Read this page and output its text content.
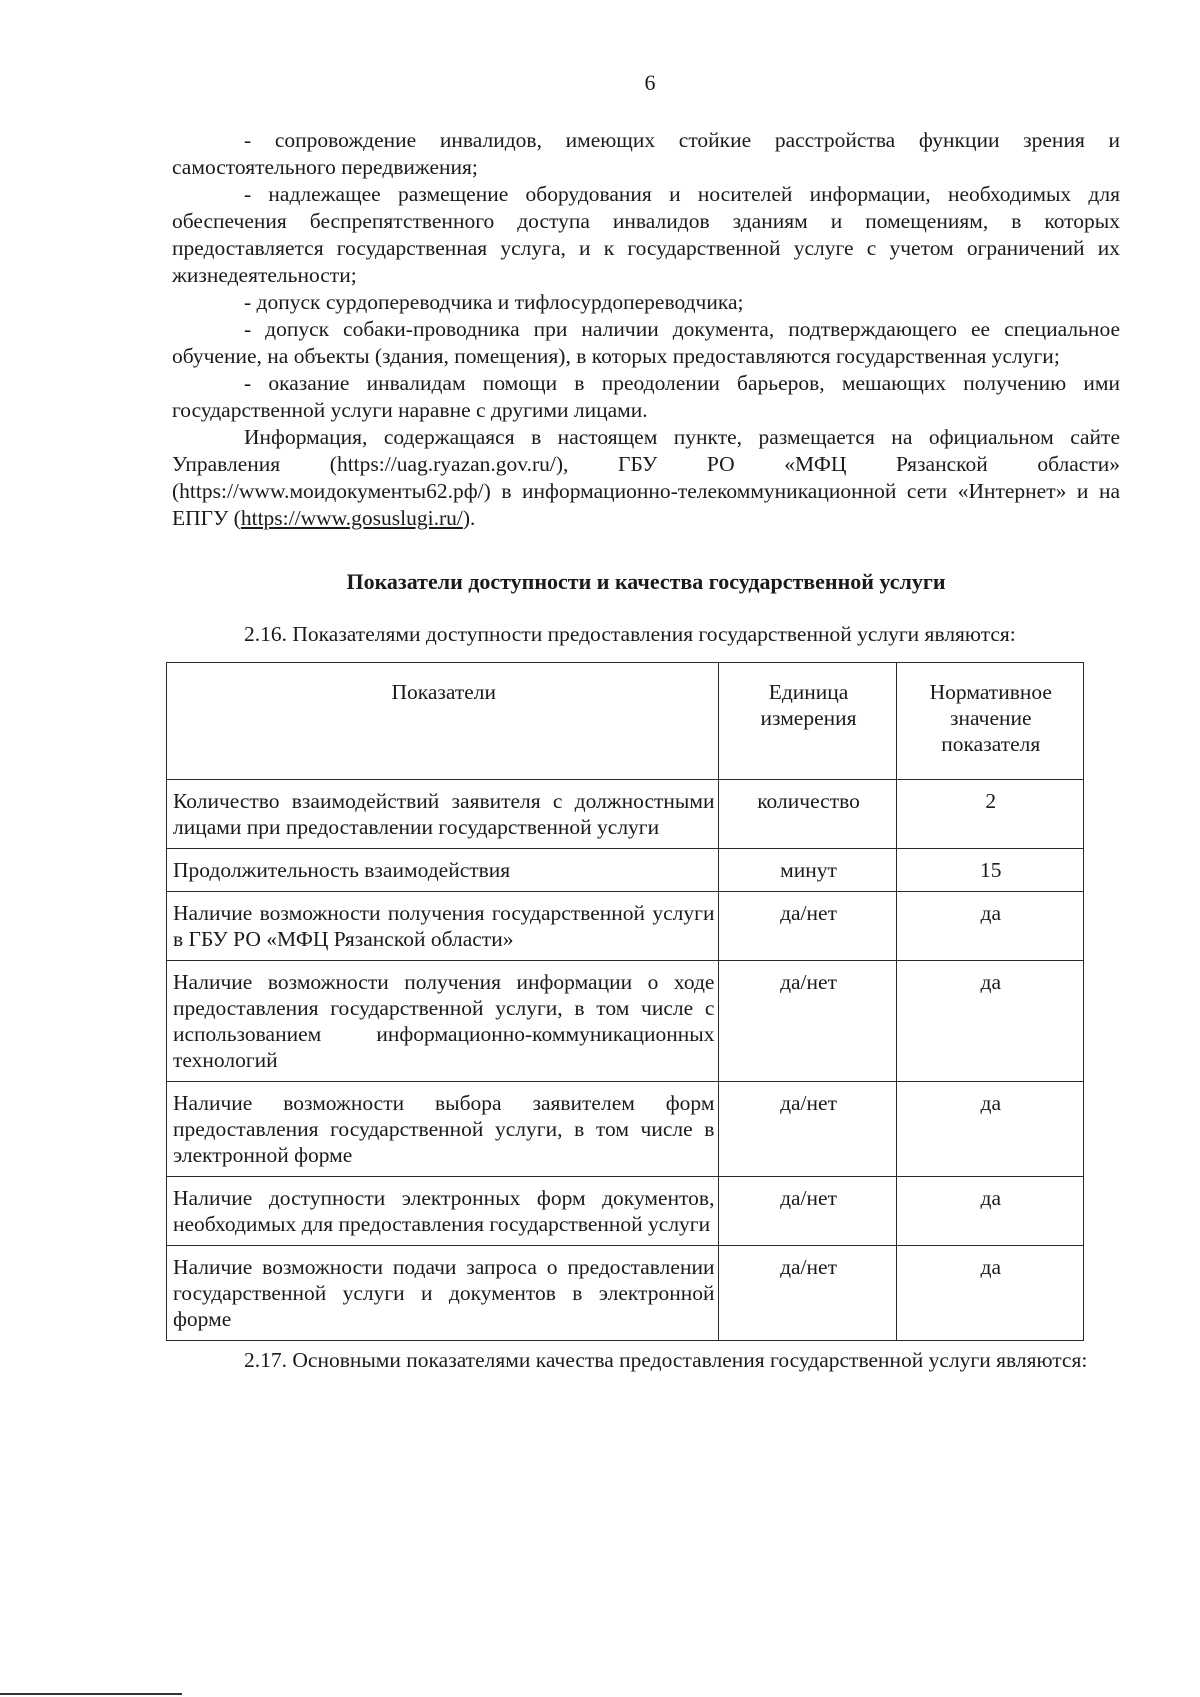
6

- сопровождение инвалидов, имеющих стойкие расстройства функции зрения и самостоятельного передвижения;

- надлежащее размещение оборудования и носителей информации, необходимых для обеспечения беспрепятственного доступа инвалидов зданиям и помещениям, в которых предоставляется государственная услуга, и к государственной услуге с учетом ограничений их жизнедеятельности;

- допуск сурдопереводчика и тифлосурдопереводчика;

- допуск собаки-проводника при наличии документа, подтверждающего ее специальное обучение, на объекты (здания, помещения), в которых предоставляются государственная услуги;

- оказание инвалидам помощи в преодолении барьеров, мешающих получению ими государственной услуги наравне с другими лицами.

Информация, содержащаяся в настоящем пункте, размещается на официальном сайте Управления (https://uag.ryazan.gov.ru/), ГБУ РО «МФЦ Рязанской области» (https://www.моидокументы62.рф/) в информационно-телекоммуникационной сети «Интернет» и на ЕПГУ (https://www.gosuslugi.ru/).

Показатели доступности и качества государственной услуги

2.16. Показателями доступности предоставления государственной услуги являются:

Показатели	Единица измерения	Нормативное значение показателя
Количество взаимодействий заявителя с должностными лицами при предоставлении государственной услуги	количество	2
Продолжительность взаимодействия	минут	15
Наличие возможности получения государственной услуги в ГБУ РО «МФЦ Рязанской области»	да/нет	да
Наличие возможности получения информации о ходе предоставления государственной услуги, в том числе с использованием информационно-коммуникационных технологий	да/нет	да
Наличие возможности выбора заявителем форм предоставления государственной услуги, в том числе в электронной форме	да/нет	да
Наличие доступности электронных форм документов, необходимых для предоставления государственной услуги	да/нет	да
Наличие возможности подачи запроса о предоставлении государственной услуги и документов в электронной форме	да/нет	да

2.17. Основными показателями качества предоставления государственной услуги являются:
